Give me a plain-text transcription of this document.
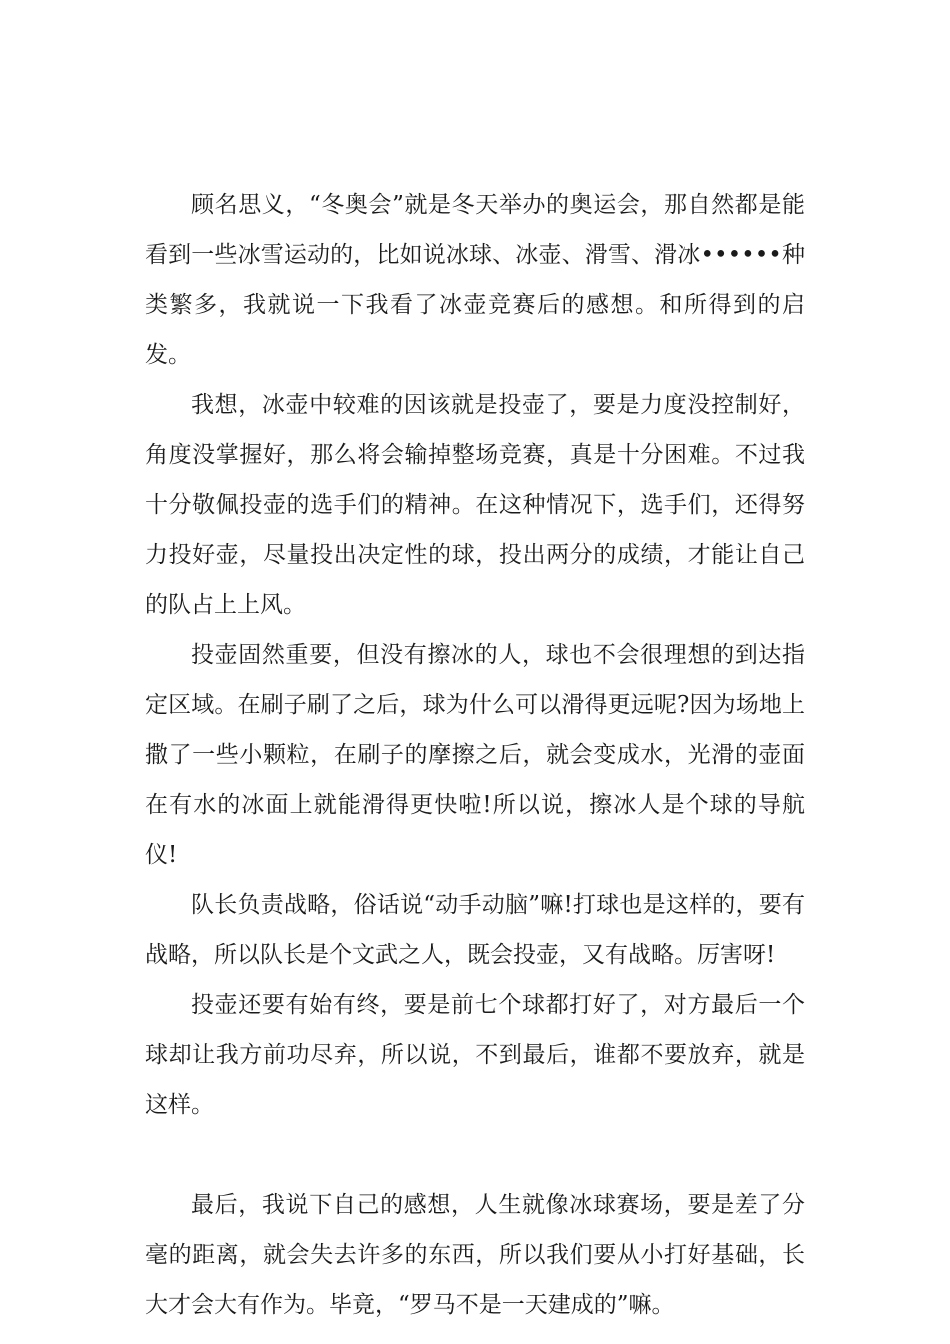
顾名思义，“冬奥会”就是冬天举办的奥运会，那自然都是能看到一些冰雪运动的，比如说冰球、冰壶、滑雪、滑冰••••••种类繁多，我就说一下我看了冰壶竞赛后的感想。和所得到的启发。

我想，冰壶中较难的因该就是投壶了，要是力度没控制好，角度没掌握好，那么将会输掉整场竞赛，真是十分困难。不过我十分敬佩投壶的选手们的精神。在这种情况下，选手们，还得努力投好壶，尽量投出决定性的球，投出两分的成绩，才能让自己的队占上上风。

投壶固然重要，但没有擦冰的人，球也不会很理想的到达指定区域。在刷子刷了之后，球为什么可以滑得更远呢?因为场地上撒了一些小颗粒，在刷子的摩擦之后，就会变成水，光滑的壶面在有水的冰面上就能滑得更快啦!所以说，擦冰人是个球的导航仪!

队长负责战略，俗话说“动手动脑”嘛!打球也是这样的，要有战略，所以队长是个文武之人，既会投壶，又有战略。厉害呀!

投壶还要有始有终，要是前七个球都打好了，对方最后一个球却让我方前功尽弃，所以说，不到最后，谁都不要放弃，就是这样。

最后，我说下自己的感想，人生就像冰球赛场，要是差了分毫的距离，就会失去许多的东西，所以我们要从小打好基础，长大才会大有作为。毕竟，“罗马不是一天建成的”嘛。
